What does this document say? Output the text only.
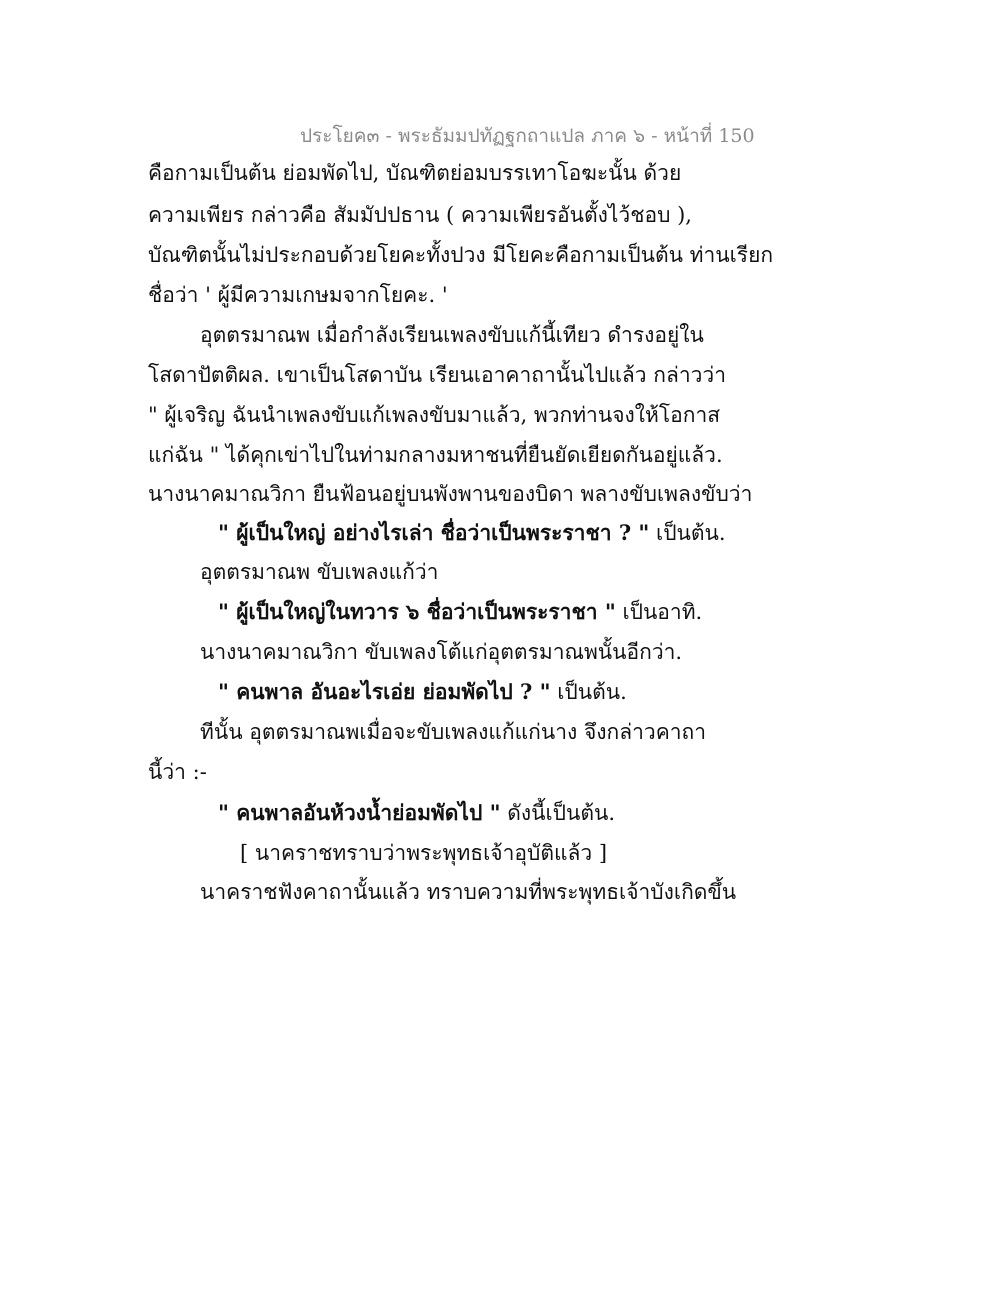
ประโยค๓ - พระธัมมปทัฏฐกถาแปล ภาค ๖ - หน้าที่ 150
คือกามเป็นต้น ย่อมพัดไป, บัณฑิตย่อมบรรเทาโอฆะนั้น ด้วย
ความเพียร กล่าวคือ สัมมัปปธาน ( ความเพียรอันตั้งไว้ชอบ ),
บัณฑิตนั้นไม่ประกอบด้วยโยคะทั้งปวง มีโยคะคือกามเป็นต้น ท่านเรียก
ชื่อว่า ' ผู้มีความเกษมจากโยคะ. '
อุตตรมาณพ เมื่อกำลังเรียนเพลงขับแก้นี้เทียว ดำรงอยู่ใน
โสดาปัตติผล. เขาเป็นโสดาบัน เรียนเอาคาถานั้นไปแล้ว กล่าวว่า
" ผู้เจริญ ฉันนำเพลงขับแก้เพลงขับมาแล้ว, พวกท่านจงให้โอกาส
แก่ฉัน " ได้คุกเข่าไปในท่ามกลางมหาชนที่ยืนยัดเยียดกันอยู่แล้ว.
นางนาคมาณวิกา ยืนฟ้อนอยู่บนพังพานของบิดา พลางขับเพลงขับว่า
" ผู้เป็นใหญ่ อย่างไรเล่า ชื่อว่าเป็นพระราชา ? " เป็นต้น.
อุตตรมาณพ ขับเพลงแก้ว่า
" ผู้เป็นใหญ่ในทวาร ๖ ชื่อว่าเป็นพระราชา " เป็นอาทิ.
นางนาคมาณวิกา ขับเพลงโต้แก่อุตตรมาณพนั้นอีกว่า.
" คนพาล อันอะไรเอ่ย ย่อมพัดไป ? " เป็นต้น.
ทีนั้น อุตตรมาณพเมื่อจะขับเพลงแก้แก่นาง จึงกล่าวคาถา
นี้ว่า :-
" คนพาลอันห้วงน้ำย่อมพัดไป " ดังนี้เป็นต้น.
[ นาคราชทราบว่าพระพุทธเจ้าอุบัติแล้ว ]
นาคราชฟังคาถานั้นแล้ว ทราบความที่พระพุทธเจ้าบังเกิดขึ้น
